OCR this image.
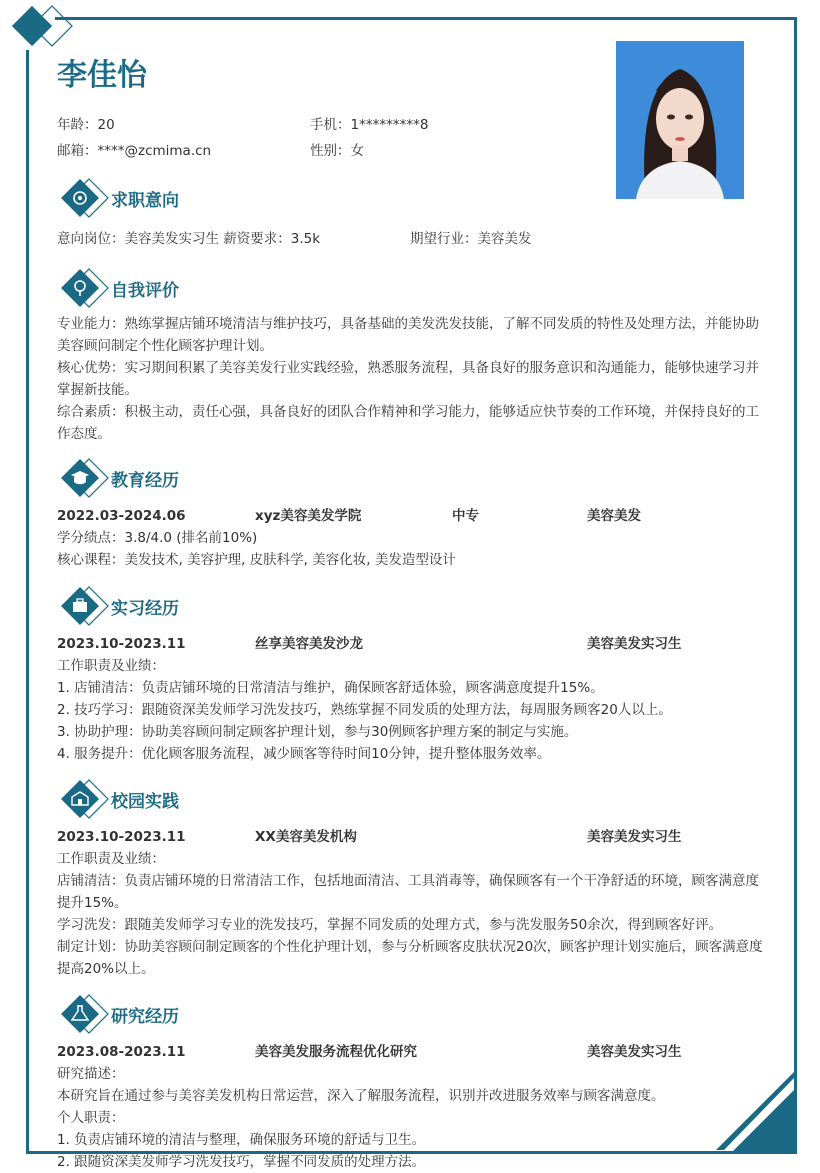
李佳怡
年龄：20	手机：1*********8
邮箱：****@zcmima.cn	性别：女
求职意向
意向岗位：美容美发实习生 薪资要求：3.5k	期望行业：美容美发
自我评价
专业能力：熟练掌握店铺环境清洁与维护技巧，具备基础的美发洗发技能，了解不同发质的特性及处理方法，并能协助美容顾问制定个性化顾客护理计划。
核心优势：实习期间积累了美容美发行业实践经验，熟悉服务流程，具备良好的服务意识和沟通能力，能够快速学习并掌握新技能。
综合素质：积极主动，责任心强，具备良好的团队合作精神和学习能力，能够适应快节奏的工作环境，并保持良好的工作态度。
教育经历
2022.03-2024.06	xyz美容美发学院	中专	美容美发
学分绩点：3.8/4.0 (排名前10%)
核心课程：美发技术, 美容护理, 皮肤科学, 美容化妆, 美发造型设计
实习经历
2023.10-2023.11	丝享美容美发沙龙	美容美发实习生
工作职责及业绩：
1. 店铺清洁：负责店铺环境的日常清洁与维护，确保顾客舒适体验，顾客满意度提升15%。
2. 技巧学习：跟随资深美发师学习洗发技巧，熟练掌握不同发质的处理方法，每周服务顾客20人以上。
3. 协助护理：协助美容顾问制定顾客护理计划，参与30例顾客护理方案的制定与实施。
4. 服务提升：优化顾客服务流程，减少顾客等待时间10分钟，提升整体服务效率。
校园实践
2023.10-2023.11	XX美容美发机构	美容美发实习生
工作职责及业绩：
店铺清洁：负责店铺环境的日常清洁工作，包括地面清洁、工具消毒等，确保顾客有一个干净舒适的环境，顾客满意度提升15%。
学习洗发：跟随美发师学习专业的洗发技巧，掌握不同发质的处理方式，参与洗发服务50余次，得到顾客好评。
制定计划：协助美容顾问制定顾客的个性化护理计划，参与分析顾客皮肤状况20次，顾客护理计划实施后，顾客满意度提高20%以上。
研究经历
2023.08-2023.11	美容美发服务流程优化研究	美容美发实习生
研究描述：
本研究旨在通过参与美容美发机构日常运营，深入了解服务流程，识别并改进服务效率与顾客满意度。
个人职责：
1. 负责店铺环境的清洁与整理，确保服务环境的舒适与卫生。
2. 跟随资深美发师学习洗发技巧，掌握不同发质的处理方法。
